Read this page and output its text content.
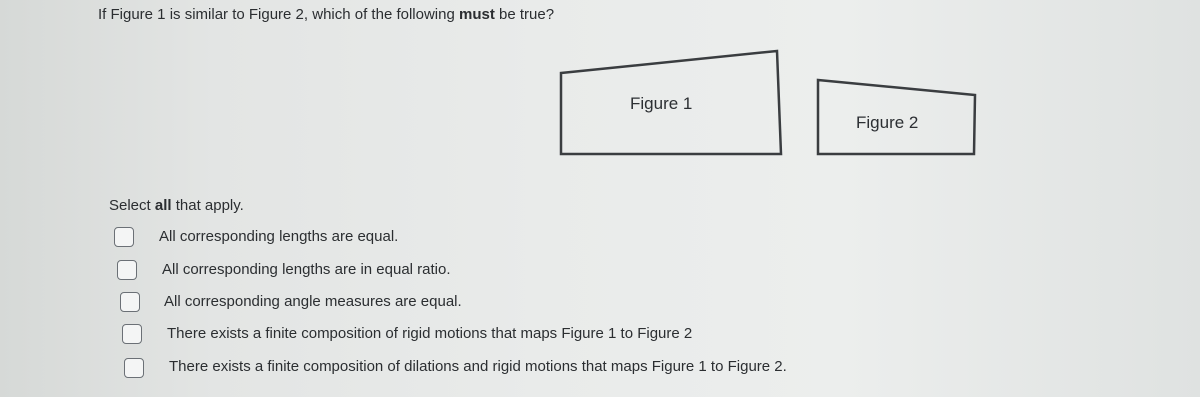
If Figure 1 is similar to Figure 2, which of the following must be true?
Figure 1
Figure 2
Select all that apply.
All corresponding lengths are equal.
All corresponding lengths are in equal ratio.
All corresponding angle measures are equal.
There exists a finite composition of rigid motions that maps Figure 1 to Figure 2
There exists a finite composition of dilations and rigid motions that maps Figure 1 to Figure 2.
